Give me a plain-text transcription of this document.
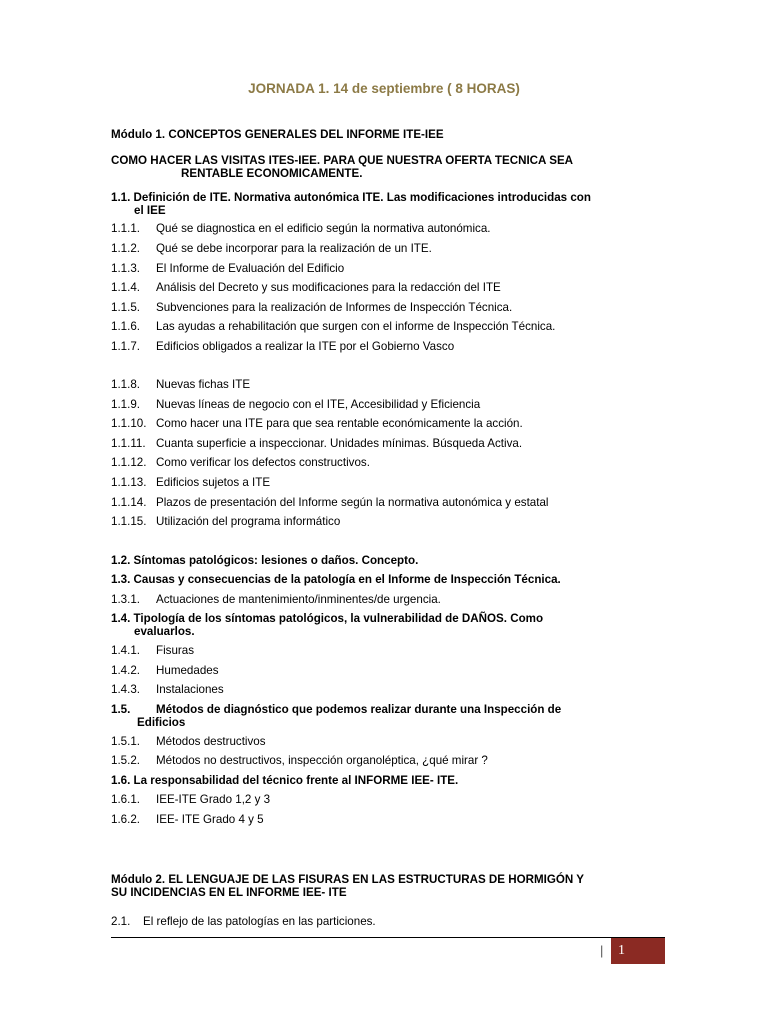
JORNADA 1. 14 de septiembre ( 8 HORAS)
Módulo 1. CONCEPTOS GENERALES DEL INFORME ITE-IEE
COMO HACER LAS VISITAS ITES-IEE. PARA QUE NUESTRA OFERTA TECNICA SEA
RENTABLE ECONOMICAMENTE.
1.1. Definición de ITE. Normativa autonómica ITE. Las modificaciones introducidas con
el IEE
1.1.1. Qué se diagnostica en el edificio según la normativa autonómica.
1.1.2. Qué se debe incorporar para la realización de un ITE.
1.1.3. El Informe de Evaluación del Edificio
1.1.4. Análisis del Decreto y sus modificaciones para la redacción del ITE
1.1.5. Subvenciones para la realización de Informes de Inspección Técnica.
1.1.6. Las ayudas a rehabilitación que surgen con el informe de Inspección Técnica.
1.1.7. Edificios obligados a realizar la ITE por el Gobierno Vasco
1.1.8. Nuevas fichas ITE
1.1.9. Nuevas líneas de negocio con el ITE, Accesibilidad y Eficiencia
1.1.10. Como hacer una ITE para que sea rentable económicamente la acción.
1.1.11. Cuanta superficie a inspeccionar. Unidades mínimas. Búsqueda Activa.
1.1.12. Como verificar los defectos constructivos.
1.1.13. Edificios sujetos a ITE
1.1.14. Plazos de presentación del Informe según la normativa autonómica y estatal
1.1.15. Utilización del programa informático
1.2. Síntomas patológicos: lesiones o daños. Concepto.
1.3. Causas y consecuencias de la patología en el Informe de Inspección Técnica.
1.3.1. Actuaciones de mantenimiento/inminentes/de urgencia.
1.4. Tipología de los síntomas patológicos, la vulnerabilidad de DAÑOS. Como
evaluarlos.
1.4.1. Fisuras
1.4.2. Humedades
1.4.3. Instalaciones
1.5. Métodos de diagnóstico que podemos realizar durante una Inspección de
Edificios
1.5.1. Métodos destructivos
1.5.2. Métodos no destructivos, inspección organoléptica, ¿qué mirar ?
1.6. La responsabilidad del técnico frente al INFORME IEE- ITE.
1.6.1. IEE-ITE Grado 1,2 y 3
1.6.2. IEE- ITE Grado 4 y 5
Módulo 2. EL LENGUAJE DE LAS FISURAS EN LAS ESTRUCTURAS DE HORMIGÓN Y
SU INCIDENCIAS EN EL INFORME IEE- ITE
2.1. El reflejo de las patologías en las particiones.
|	1
